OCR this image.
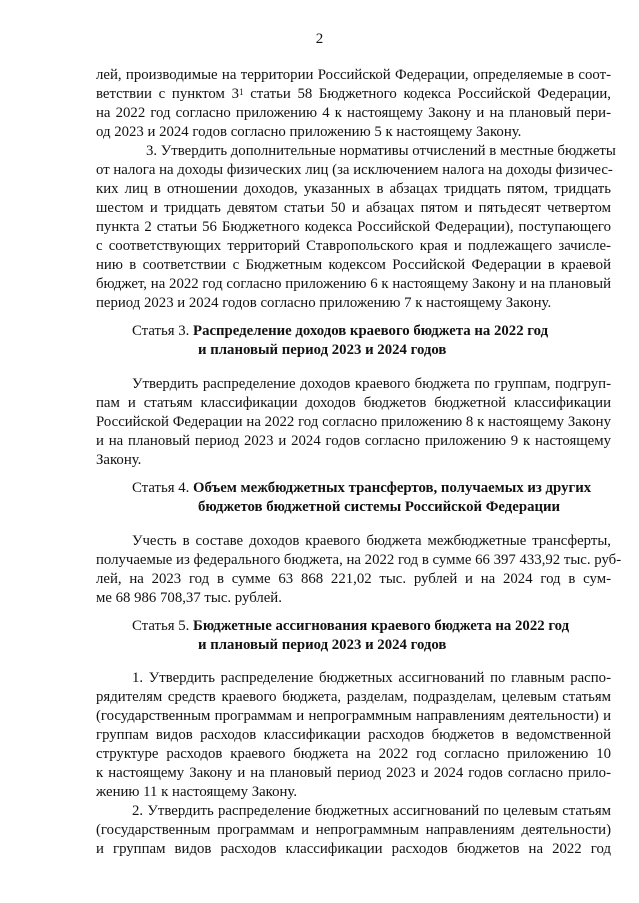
2
лей, производимые на территории Российской Федерации, определяемые в соот-
ветствии с пунктом $3^1$ статьи 58 Бюджетного кодекса Российской Федерации,
на 2022 год согласно приложению 4 к настоящему Закону и на плановый пери-
од 2023 и 2024 годов согласно приложению 5 к настоящему Закону.
3. Утвердить дополнительные нормативы отчислений в местные бюджеты
от налога на доходы физических лиц (за исключением налога на доходы физичес-
ких лиц в отношении доходов, указанных в абзацах тридцать пятом, тридцать
шестом и тридцать девятом статьи 50 и абзацах пятом и пятьдесят четвертом
пункта 2 статьи 56 Бюджетного кодекса Российской Федерации), поступающего
с соответствующих территорий Ставропольского края и подлежащего зачисле-
нию в соответствии с Бюджетным кодексом Российской Федерации в краевой
бюджет, на 2022 год согласно приложению 6 к настоящему Закону и на плановый
период 2023 и 2024 годов согласно приложению 7 к настоящему Закону.
Статья 3. Распределение доходов краевого бюджета на 2022 год
и плановый период 2023 и 2024 годов
Утвердить распределение доходов краевого бюджета по группам, подгруп-
пам и статьям классификации доходов бюджетов бюджетной классификации
Российской Федерации на 2022 год согласно приложению 8 к настоящему Закону
и на плановый период 2023 и 2024 годов согласно приложению 9 к настоящему
Закону.
Статья 4. Объем межбюджетных трансфертов, получаемых из других
бюджетов бюджетной системы Российской Федерации
Учесть в составе доходов краевого бюджета межбюджетные трансферты,
получаемые из федерального бюджета, на 2022 год в сумме 66 397 433,92 тыс. руб-
лей, на 2023 год в сумме 63 868 221,02 тыс. рублей и на 2024 год в сум-
ме 68 986 708,37 тыс. рублей.
Статья 5. Бюджетные ассигнования краевого бюджета на 2022 год
и плановый период 2023 и 2024 годов
1. Утвердить распределение бюджетных ассигнований по главным распо-
рядителям средств краевого бюджета, разделам, подразделам, целевым статьям
(государственным программам и непрограммным направлениям деятельности) и
группам видов расходов классификации расходов бюджетов в ведомственной
структуре расходов краевого бюджета на 2022 год согласно приложению 10
к настоящему Закону и на плановый период 2023 и 2024 годов согласно прило-
жению 11 к настоящему Закону.
2. Утвердить распределение бюджетных ассигнований по целевым статьям
(государственным программам и непрограммным направлениям деятельности)
и группам видов расходов классификации расходов бюджетов на 2022 год
